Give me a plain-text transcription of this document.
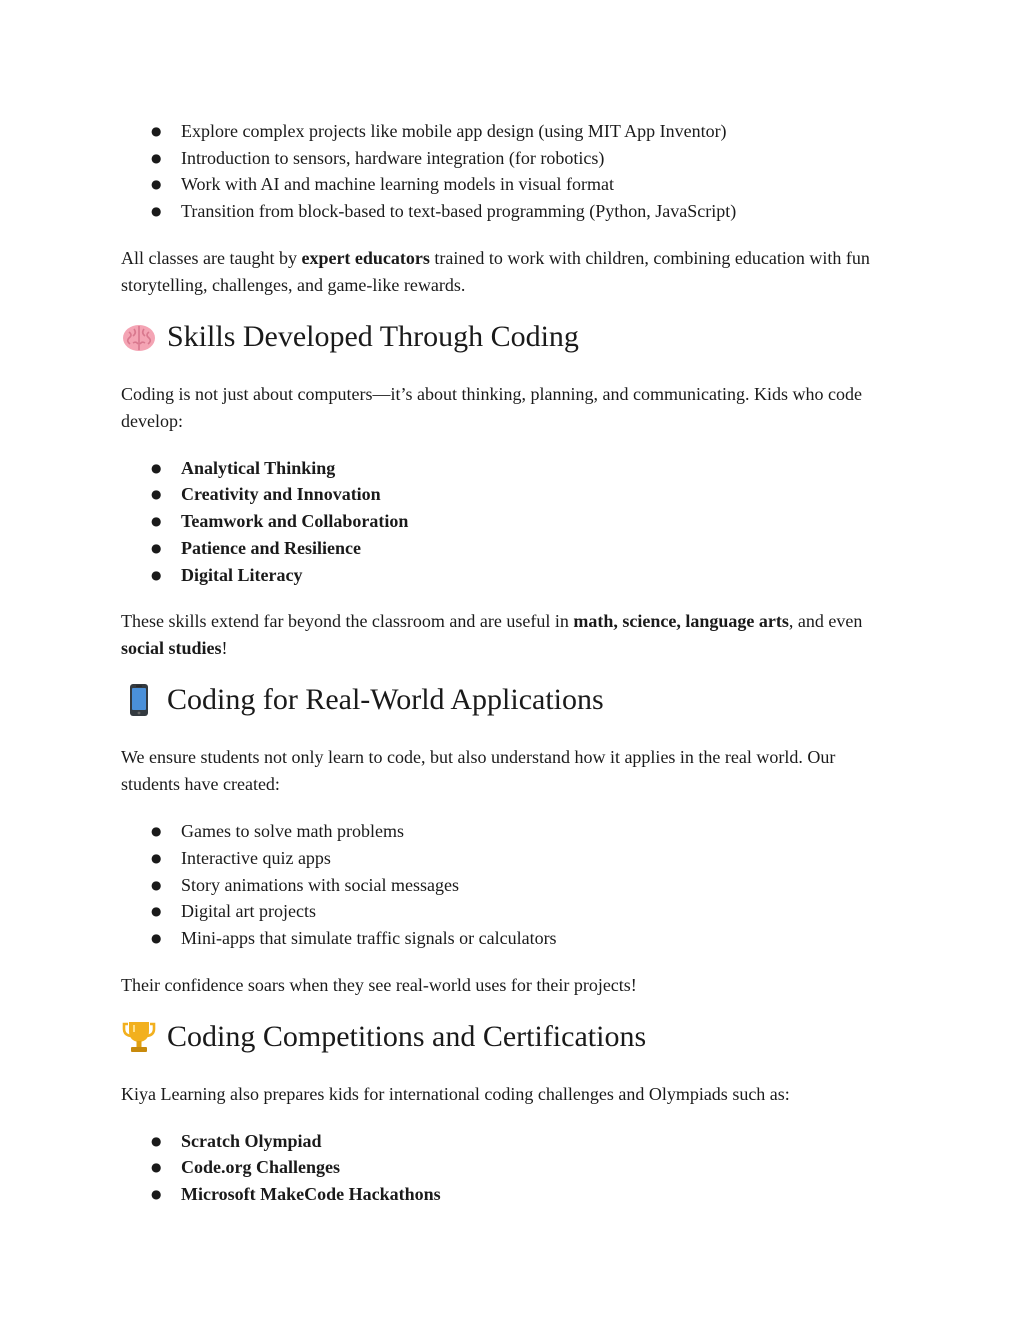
● Explore complex projects like mobile app design (using MIT App Inventor)
● Introduction to sensors, hardware integration (for robotics)
● Work with AI and machine learning models in visual format
● Transition from block-based to text-based programming (Python, JavaScript)

All classes are taught by expert educators trained to work with children, combining education with fun storytelling, challenges, and game-like rewards.

Skills Developed Through Coding

Coding is not just about computers—it’s about thinking, planning, and communicating. Kids who code develop:

● Analytical Thinking
● Creativity and Innovation
● Teamwork and Collaboration
● Patience and Resilience
● Digital Literacy

These skills extend far beyond the classroom and are useful in math, science, language arts, and even social studies!

Coding for Real-World Applications

We ensure students not only learn to code, but also understand how it applies in the real world. Our students have created:

● Games to solve math problems
● Interactive quiz apps
● Story animations with social messages
● Digital art projects
● Mini-apps that simulate traffic signals or calculators

Their confidence soars when they see real-world uses for their projects!

Coding Competitions and Certifications

Kiya Learning also prepares kids for international coding challenges and Olympiads such as:

● Scratch Olympiad
● Code.org Challenges
● Microsoft MakeCode Hackathons
